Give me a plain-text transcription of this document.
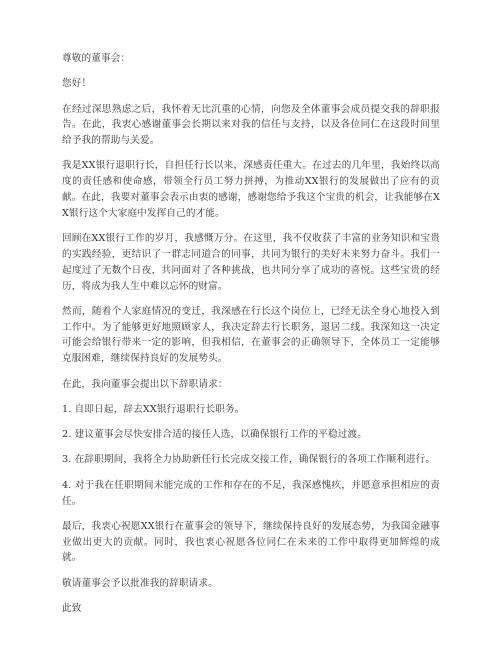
尊敬的董事会：

您好！

在经过深思熟虑之后，我怀着无比沉重的心情，向您及全体董事会成员提交我的辞职报告。在此，我衷心感谢董事会长期以来对我的信任与支持，以及各位同仁在这段时间里给予我的帮助与关爱。

我是XX银行退职行长，自担任行长以来，深感责任重大。在过去的几年里，我始终以高度的责任感和使命感，带领全行员工努力拼搏，为推动XX银行的发展做出了应有的贡献。在此，我要对董事会表示由衷的感谢，感谢您给予我这个宝贵的机会，让我能够在XX银行这个大家庭中发挥自己的才能。

回顾在XX银行工作的岁月，我感慨万分。在这里，我不仅收获了丰富的业务知识和宝贵的实践经验，更结识了一群志同道合的同事，共同为银行的美好未来努力奋斗。我们一起度过了无数个日夜，共同面对了各种挑战，也共同分享了成功的喜悦。这些宝贵的经历，将成为我人生中难以忘怀的财富。

然而，随着个人家庭情况的变迁，我深感在行长这个岗位上，已经无法全身心地投入到工作中。为了能够更好地照顾家人，我决定辞去行长职务，退居二线。我深知这一决定可能会给银行带来一定的影响，但我相信，在董事会的正确领导下，全体员工一定能够克服困难，继续保持良好的发展势头。

在此，我向董事会提出以下辞职请求：

1. 自即日起，辞去XX银行退职行长职务。

2. 建议董事会尽快安排合适的接任人选，以确保银行工作的平稳过渡。

3. 在辞职期间，我将全力协助新任行长完成交接工作，确保银行的各项工作顺利进行。

4. 对于我在任职期间未能完成的工作和存在的不足，我深感愧疚，并愿意承担相应的责任。

最后，我衷心祝愿XX银行在董事会的领导下，继续保持良好的发展态势，为我国金融事业做出更大的贡献。同时，我也衷心祝愿各位同仁在未来的工作中取得更加辉煌的成就。

敬请董事会予以批准我的辞职请求。

此致
